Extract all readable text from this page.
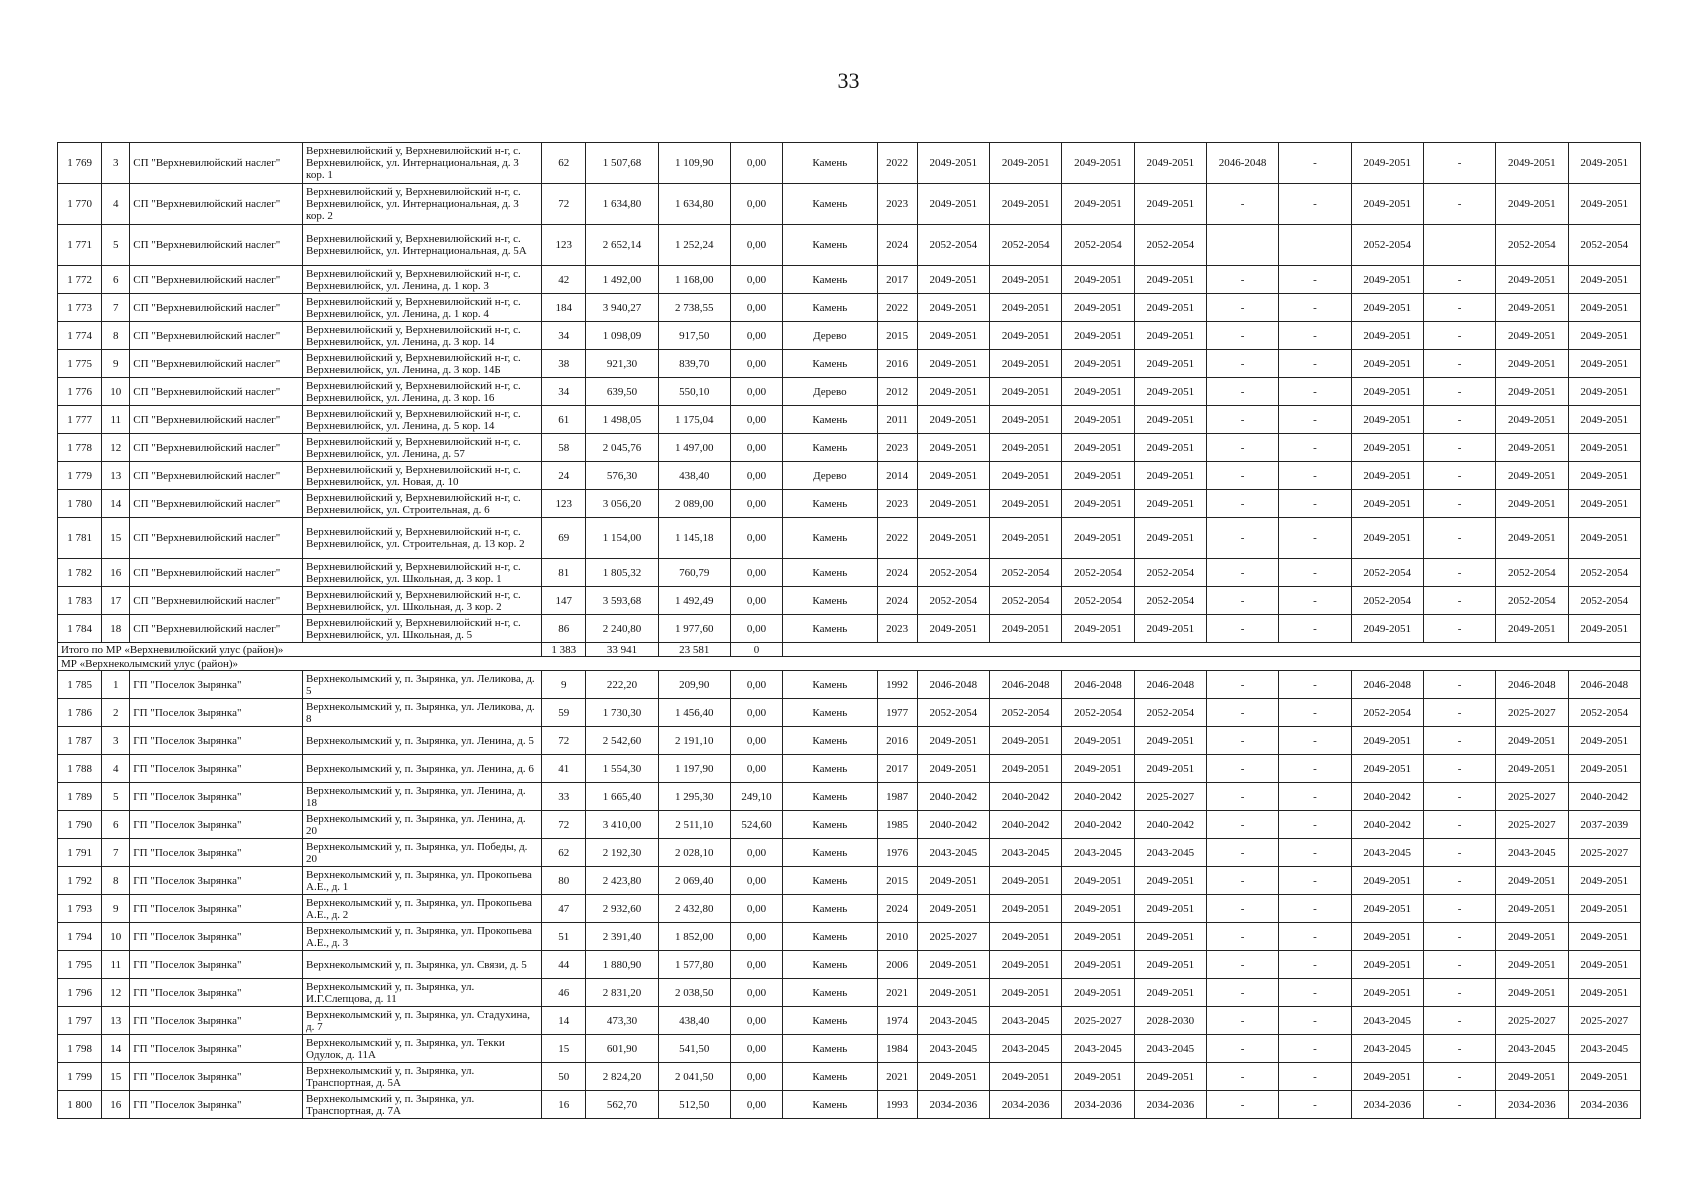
33
1 769	3	СП "Верхневилюйский наслег"	Верхневилюйский у, Верхневилюйский н-г, с. Верхневилюйск, ул. Интернациональная, д. 3 кор. 1	62	1 507,68	1 109,90	0,00	Камень	2022	2049-2051	2049-2051	2049-2051	2049-2051	2046-2048	-	2049-2051	-	2049-2051	2049-2051
1 770	4	СП "Верхневилюйский наслег"	Верхневилюйский у, Верхневилюйский н-г, с. Верхневилюйск, ул. Интернациональная, д. 3 кор. 2	72	1 634,80	1 634,80	0,00	Камень	2023	2049-2051	2049-2051	2049-2051	2049-2051	-	-	2049-2051	-	2049-2051	2049-2051
1 771	5	СП "Верхневилюйский наслег"	Верхневилюйский у, Верхневилюйский н-г, с. Верхневилюйск, ул. Интернациональная, д. 5А	123	2 652,14	1 252,24	0,00	Камень	2024	2052-2054	2052-2054	2052-2054	2052-2054			2052-2054		2052-2054	2052-2054
1 772	6	СП "Верхневилюйский наслег"	Верхневилюйский у, Верхневилюйский н-г, с. Верхневилюйск, ул. Ленина, д. 1 кор. 3	42	1 492,00	1 168,00	0,00	Камень	2017	2049-2051	2049-2051	2049-2051	2049-2051	-	-	2049-2051	-	2049-2051	2049-2051
1 773	7	СП "Верхневилюйский наслег"	Верхневилюйский у, Верхневилюйский н-г, с. Верхневилюйск, ул. Ленина, д. 1 кор. 4	184	3 940,27	2 738,55	0,00	Камень	2022	2049-2051	2049-2051	2049-2051	2049-2051	-	-	2049-2051	-	2049-2051	2049-2051
1 774	8	СП "Верхневилюйский наслег"	Верхневилюйский у, Верхневилюйский н-г, с. Верхневилюйск, ул. Ленина, д. 3 кор. 14	34	1 098,09	917,50	0,00	Дерево	2015	2049-2051	2049-2051	2049-2051	2049-2051	-	-	2049-2051	-	2049-2051	2049-2051
1 775	9	СП "Верхневилюйский наслег"	Верхневилюйский у, Верхневилюйский н-г, с. Верхневилюйск, ул. Ленина, д. 3 кор. 14Б	38	921,30	839,70	0,00	Камень	2016	2049-2051	2049-2051	2049-2051	2049-2051	-	-	2049-2051	-	2049-2051	2049-2051
1 776	10	СП "Верхневилюйский наслег"	Верхневилюйский у, Верхневилюйский н-г, с. Верхневилюйск, ул. Ленина, д. 3 кор. 16	34	639,50	550,10	0,00	Дерево	2012	2049-2051	2049-2051	2049-2051	2049-2051	-	-	2049-2051	-	2049-2051	2049-2051
1 777	11	СП "Верхневилюйский наслег"	Верхневилюйский у, Верхневилюйский н-г, с. Верхневилюйск, ул. Ленина, д. 5 кор. 14	61	1 498,05	1 175,04	0,00	Камень	2011	2049-2051	2049-2051	2049-2051	2049-2051	-	-	2049-2051	-	2049-2051	2049-2051
1 778	12	СП "Верхневилюйский наслег"	Верхневилюйский у, Верхневилюйский н-г, с. Верхневилюйск, ул. Ленина, д. 57	58	2 045,76	1 497,00	0,00	Камень	2023	2049-2051	2049-2051	2049-2051	2049-2051	-	-	2049-2051	-	2049-2051	2049-2051
1 779	13	СП "Верхневилюйский наслег"	Верхневилюйский у, Верхневилюйский н-г, с. Верхневилюйск, ул. Новая, д. 10	24	576,30	438,40	0,00	Дерево	2014	2049-2051	2049-2051	2049-2051	2049-2051	-	-	2049-2051	-	2049-2051	2049-2051
1 780	14	СП "Верхневилюйский наслег"	Верхневилюйский у, Верхневилюйский н-г, с. Верхневилюйск, ул. Строительная, д. 6	123	3 056,20	2 089,00	0,00	Камень	2023	2049-2051	2049-2051	2049-2051	2049-2051	-	-	2049-2051	-	2049-2051	2049-2051
1 781	15	СП "Верхневилюйский наслег"	Верхневилюйский у, Верхневилюйский н-г, с. Верхневилюйск, ул. Строительная, д. 13 кор. 2	69	1 154,00	1 145,18	0,00	Камень	2022	2049-2051	2049-2051	2049-2051	2049-2051	-	-	2049-2051	-	2049-2051	2049-2051
1 782	16	СП "Верхневилюйский наслег"	Верхневилюйский у, Верхневилюйский н-г, с. Верхневилюйск, ул. Школьная, д. 3 кор. 1	81	1 805,32	760,79	0,00	Камень	2024	2052-2054	2052-2054	2052-2054	2052-2054	-	-	2052-2054	-	2052-2054	2052-2054
1 783	17	СП "Верхневилюйский наслег"	Верхневилюйский у, Верхневилюйский н-г, с. Верхневилюйск, ул. Школьная, д. 3 кор. 2	147	3 593,68	1 492,49	0,00	Камень	2024	2052-2054	2052-2054	2052-2054	2052-2054	-	-	2052-2054	-	2052-2054	2052-2054
1 784	18	СП "Верхневилюйский наслег"	Верхневилюйский у, Верхневилюйский н-г, с. Верхневилюйск, ул. Школьная, д. 5	86	2 240,80	1 977,60	0,00	Камень	2023	2049-2051	2049-2051	2049-2051	2049-2051	-	-	2049-2051	-	2049-2051	2049-2051
Итого по МР «Верхневилюйский улус (район)»				1 383	33 941	23 581	0												
МР «Верхнеколымский улус (район)»																			
1 785	1	ГП "Поселок Зырянка"	Верхнеколымский у, п. Зырянка, ул. Леликова, д. 5	9	222,20	209,90	0,00	Камень	1992	2046-2048	2046-2048	2046-2048	2046-2048	-	-	2046-2048	-	2046-2048	2046-2048
1 786	2	ГП "Поселок Зырянка"	Верхнеколымский у, п. Зырянка, ул. Леликова, д. 8	59	1 730,30	1 456,40	0,00	Камень	1977	2052-2054	2052-2054	2052-2054	2052-2054	-	-	2052-2054	-	2025-2027	2052-2054
1 787	3	ГП "Поселок Зырянка"	Верхнеколымский у, п. Зырянка, ул. Ленина, д. 5	72	2 542,60	2 191,10	0,00	Камень	2016	2049-2051	2049-2051	2049-2051	2049-2051	-	-	2049-2051	-	2049-2051	2049-2051
1 788	4	ГП "Поселок Зырянка"	Верхнеколымский у, п. Зырянка, ул. Ленина, д. 6	41	1 554,30	1 197,90	0,00	Камень	2017	2049-2051	2049-2051	2049-2051	2049-2051	-	-	2049-2051	-	2049-2051	2049-2051
1 789	5	ГП "Поселок Зырянка"	Верхнеколымский у, п. Зырянка, ул. Ленина, д. 18	33	1 665,40	1 295,30	249,10	Камень	1987	2040-2042	2040-2042	2040-2042	2025-2027	-	-	2040-2042	-	2025-2027	2040-2042
1 790	6	ГП "Поселок Зырянка"	Верхнеколымский у, п. Зырянка, ул. Ленина, д. 20	72	3 410,00	2 511,10	524,60	Камень	1985	2040-2042	2040-2042	2040-2042	2040-2042	-	-	2040-2042	-	2025-2027	2037-2039
1 791	7	ГП "Поселок Зырянка"	Верхнеколымский у, п. Зырянка, ул. Победы, д. 20	62	2 192,30	2 028,10	0,00	Камень	1976	2043-2045	2043-2045	2043-2045	2043-2045	-	-	2043-2045	-	2043-2045	2025-2027
1 792	8	ГП "Поселок Зырянка"	Верхнеколымский у, п. Зырянка, ул. Прокопьева А.Е., д. 1	80	2 423,80	2 069,40	0,00	Камень	2015	2049-2051	2049-2051	2049-2051	2049-2051	-	-	2049-2051	-	2049-2051	2049-2051
1 793	9	ГП "Поселок Зырянка"	Верхнеколымский у, п. Зырянка, ул. Прокопьева А.Е., д. 2	47	2 932,60	2 432,80	0,00	Камень	2024	2049-2051	2049-2051	2049-2051	2049-2051	-	-	2049-2051	-	2049-2051	2049-2051
1 794	10	ГП "Поселок Зырянка"	Верхнеколымский у, п. Зырянка, ул. Прокопьева А.Е., д. 3	51	2 391,40	1 852,00	0,00	Камень	2010	2025-2027	2049-2051	2049-2051	2049-2051	-	-	2049-2051	-	2049-2051	2049-2051
1 795	11	ГП "Поселок Зырянка"	Верхнеколымский у, п. Зырянка, ул. Связи, д. 5	44	1 880,90	1 577,80	0,00	Камень	2006	2049-2051	2049-2051	2049-2051	2049-2051	-	-	2049-2051	-	2049-2051	2049-2051
1 796	12	ГП "Поселок Зырянка"	Верхнеколымский у, п. Зырянка, ул. И.Г.Слепцова, д. 11	46	2 831,20	2 038,50	0,00	Камень	2021	2049-2051	2049-2051	2049-2051	2049-2051	-	-	2049-2051	-	2049-2051	2049-2051
1 797	13	ГП "Поселок Зырянка"	Верхнеколымский у, п. Зырянка, ул. Стадухина, д. 7	14	473,30	438,40	0,00	Камень	1974	2043-2045	2043-2045	2025-2027	2028-2030	-	-	2043-2045	-	2025-2027	2025-2027
1 798	14	ГП "Поселок Зырянка"	Верхнеколымский у, п. Зырянка, ул. Текки Одулок, д. 11А	15	601,90	541,50	0,00	Камень	1984	2043-2045	2043-2045	2043-2045	2043-2045	-	-	2043-2045	-	2043-2045	2043-2045
1 799	15	ГП "Поселок Зырянка"	Верхнеколымский у, п. Зырянка, ул. Транспортная, д. 5А	50	2 824,20	2 041,50	0,00	Камень	2021	2049-2051	2049-2051	2049-2051	2049-2051	-	-	2049-2051	-	2049-2051	2049-2051
1 800	16	ГП "Поселок Зырянка"	Верхнеколымский у, п. Зырянка, ул. Транспортная, д. 7А	16	562,70	512,50	0,00	Камень	1993	2034-2036	2034-2036	2034-2036	2034-2036	-	-	2034-2036	-	2034-2036	2034-2036
